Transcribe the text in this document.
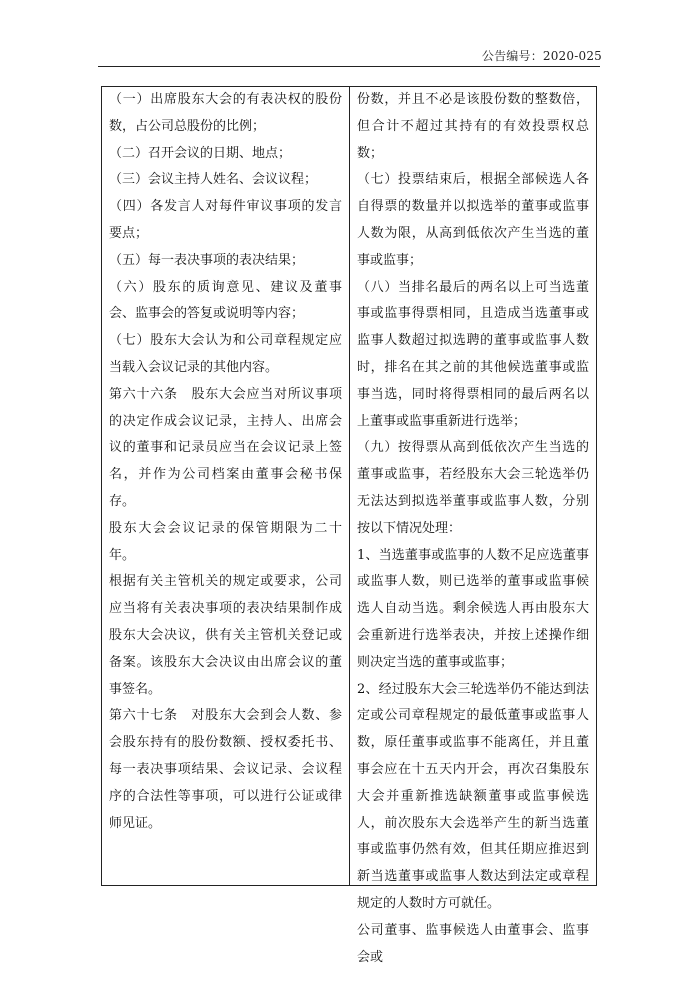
公告编号：2020-025

（一）出席股东大会的有表决权的股份数，占公司总股份的比例；

（二）召开会议的日期、地点；

（三）会议主持人姓名、会议议程；

（四）各发言人对每件审议事项的发言要点；

（五）每一表决事项的表决结果；

（六）股东的质询意见、建议及董事会、监事会的答复或说明等内容；

（七）股东大会认为和公司章程规定应当载入会议记录的其他内容。

第六十六条　股东大会应当对所议事项的决定作成会议记录，主持人、出席会议的董事和记录员应当在会议记录上签名，并作为公司档案由董事会秘书保存。

股东大会会议记录的保管期限为二十年。

根据有关主管机关的规定或要求，公司应当将有关表决事项的表决结果制作成股东大会决议，供有关主管机关登记或备案。该股东大会决议由出席会议的董事签名。

第六十七条　对股东大会到会人数、参会股东持有的股份数额、授权委托书、每一表决事项结果、会议记录、会议程序的合法性等事项，可以进行公证或律师见证。

份数，并且不必是该股份数的整数倍，但合计不超过其持有的有效投票权总数；

（七）投票结束后，根据全部候选人各自得票的数量并以拟选举的董事或监事人数为限，从高到低依次产生当选的董事或监事；

（八）当排名最后的两名以上可当选董事或监事得票相同，且造成当选董事或监事人数超过拟选聘的董事或监事人数时，排名在其之前的其他候选董事或监事当选，同时将得票相同的最后两名以上董事或监事重新进行选举；

（九）按得票从高到低依次产生当选的董事或监事，若经股东大会三轮选举仍无法达到拟选举董事或监事人数，分别按以下情况处理：

1、当选董事或监事的人数不足应选董事或监事人数，则已选举的董事或监事候选人自动当选。剩余候选人再由股东大会重新进行选举表决，并按上述操作细则决定当选的董事或监事；

2、经过股东大会三轮选举仍不能达到法定或公司章程规定的最低董事或监事人数，原任董事或监事不能离任，并且董事会应在十五天内开会，再次召集股东大会并重新推选缺额董事或监事候选人，前次股东大会选举产生的新当选董事或监事仍然有效，但其任期应推迟到新当选董事或监事人数达到法定或章程规定的人数时方可就任。

公司董事、监事候选人由董事会、监事会或
